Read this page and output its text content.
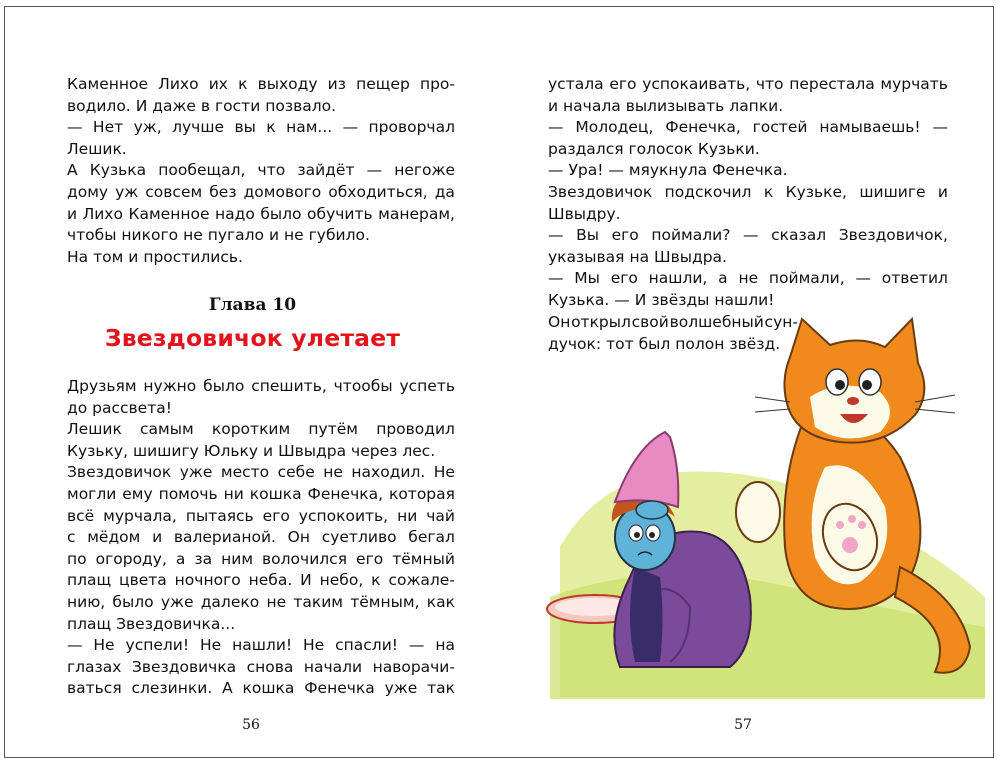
Каменное Лихо их к выходу из пещер про-
водило. И даже в гости позвало.
— Нет уж, лучше вы к нам... — проворчал
Лешик.
А Кузька пообещал, что зайдёт — негоже
дому уж совсем без домового обходиться, да
и Лихо Каменное надо было обучить манерам,
чтобы никого не пугало и не губило.
На том и простились.
Глава 10
Звездовичок улетает
Друзьям нужно было спешить, чтообы успеть
до рассвета!
Лешик самым коротким путём проводил
Кузьку, шишигу Юльку и Швыдра через лес.
Звездовичок уже место себе не находил. Не
могли ему помочь ни кошка Фенечка, которая
всё мурчала, пытаясь его успокоить, ни чай
с мёдом и валерианой. Он суетливо бегал
по огороду, а за ним волочился его тёмный
плащ цвета ночного неба. И небо, к сожале-
нию, было уже далеко не таким тёмным, как
плащ Звездовичка...
— Не успели! Не нашли! Не спасли! — на
глазах Звездовичка снова начали наворачи-
ваться слезинки. А кошка Фенечка уже так
56
устала его успокаивать, что перестала мурчать
и начала вылизывать лапки.
— Молодец, Фенечка, гостей намываешь! —
раздался голосок Кузьки.
— Ура! — мяукнула Фенечка.
Звездовичок подскочил к Кузьке, шишиге и
Швыдру.
— Вы его поймали? — сказал Звездовичок,
указывая на Швыдра.
— Мы его нашли, а не поймали, — ответил
Кузька. — И звёзды нашли!
Он открыл свой волшебный сун-
дучок: тот был полон звёзд.
57
